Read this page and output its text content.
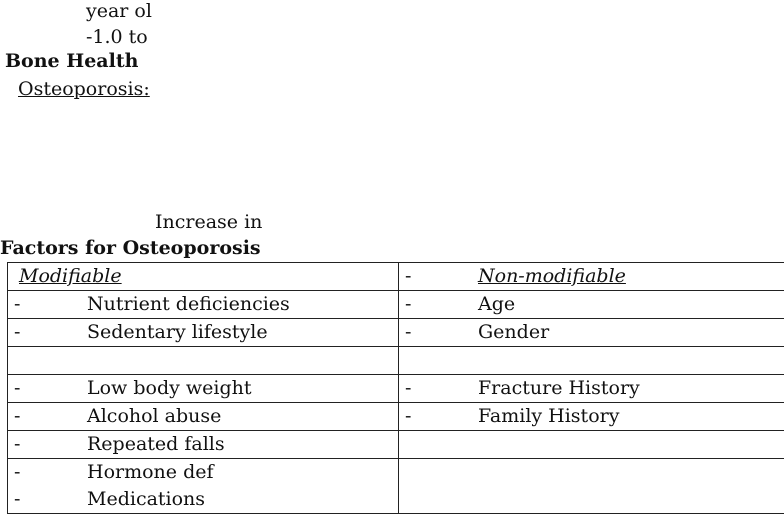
year ol
-1.0 to
Bone Health
Osteoporosis:
Increase in
Factors for Osteoporosis
Modifiable	- Non-modifiable

- Nutrient deficiencies	- Age

- Sedentary lifestyle	- Gender

- Low body weight	- Fracture History

- Alcohol abuse	- Family History

- Repeated falls	

- Hormone def
- Medications	
